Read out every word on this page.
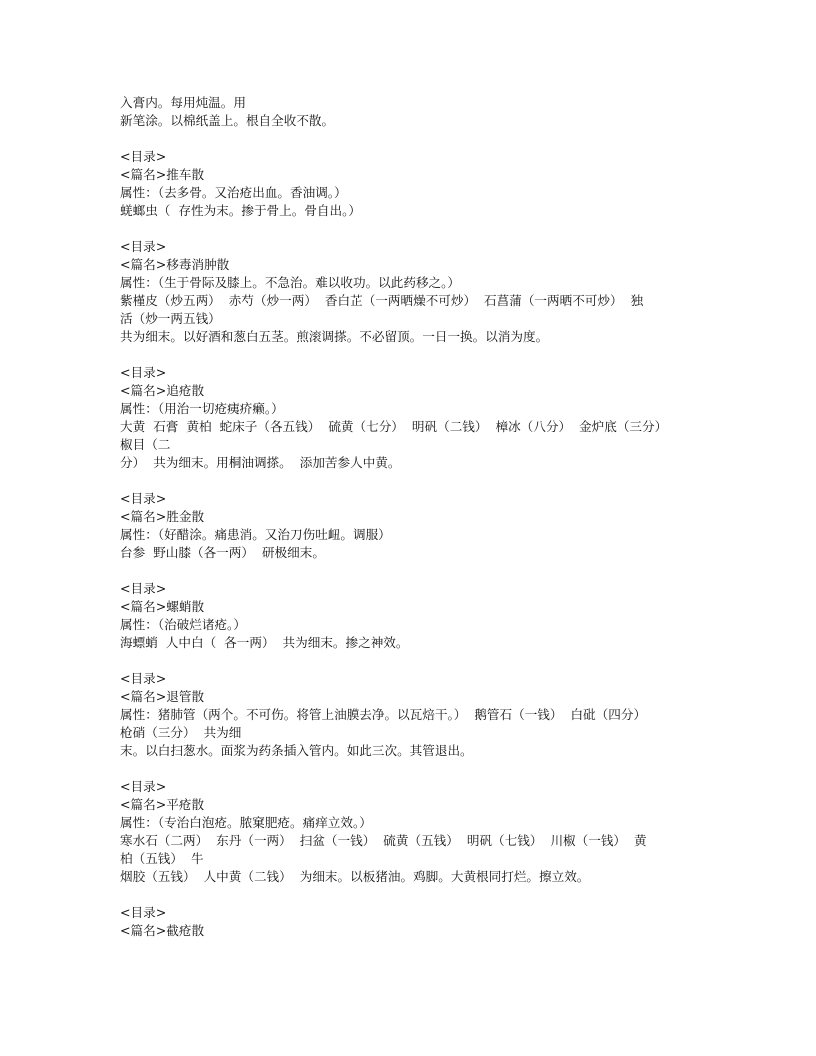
入膏内。每用炖温。用
新笔涂。以棉纸盖上。根自全收不散。
<目录>
<篇名>推车散
属性：（去多骨。又治疮出血。香油调。）
蜣螂虫（  存性为末。掺于骨上。骨自出。）
<目录>
<篇名>移毒消肿散
属性：（生于骨际及膝上。不急治。难以收功。以此药移之。）
紫槿皮（炒五两）  赤芍（炒一两）  香白芷（一两晒燥不可炒）  石菖蒲（一两晒不可炒）  独
活（炒一两五钱）
共为细末。以好酒和葱白五茎。煎滚调搽。不必留顶。一日一换。以消为度。
<目录>
<篇名>追疮散
属性：（用治一切疮痍疥癞。）
大黄  石膏  黄柏  蛇床子（各五钱）  硫黄（七分）  明矾（二钱）  樟冰（八分）  金炉底（三分）
椒目（二
分）  共为细末。用桐油调搽。  添加苦参人中黄。
<目录>
<篇名>胜金散
属性：（好醋涂。痛患消。又治刀伤吐衄。调服）
台参  野山膝（各一两）  研极细末。
<目录>
<篇名>螺蛸散
属性：（治破烂诸疮。）
海螵蛸  人中白（  各一两）  共为细末。掺之神效。
<目录>
<篇名>退管散
属性：猪肺管（两个。不可伤。将管上油膜去净。以瓦焙干。）  鹅管石（一钱）  白砒（四分）
枪硝（三分）  共为细
末。以白扫葱水。面浆为药条插入管内。如此三次。其管退出。
<目录>
<篇名>平疮散
属性：（专治白泡疮。脓窠肥疮。痛痒立效。）
寒水石（二两）  东丹（一两）  扫盆（一钱）  硫黄（五钱）  明矾（七钱）  川椒（一钱）  黄
柏（五钱）  牛
烟胶（五钱）  人中黄（二钱）  为细末。以板猪油。鸡脚。大黄根同打烂。擦立效。
<目录>
<篇名>截疮散
